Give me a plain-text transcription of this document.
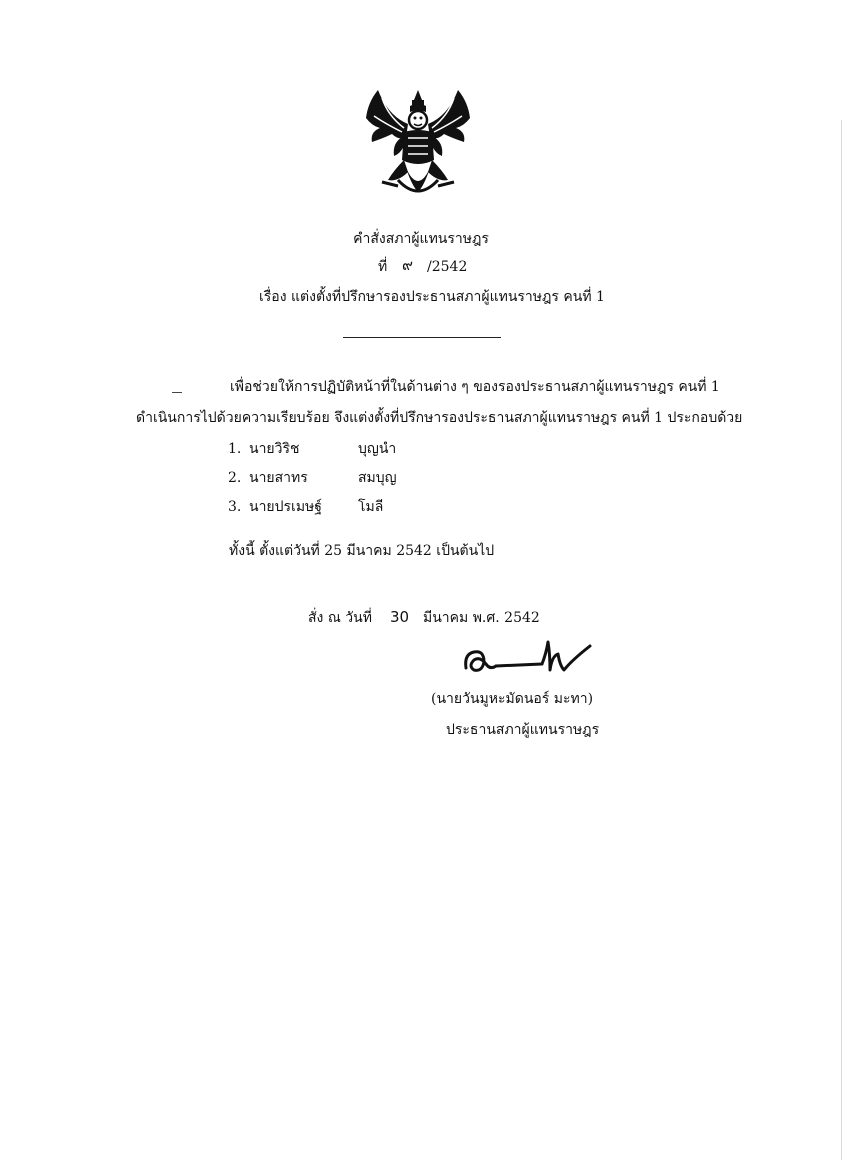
คำสั่งสภาผู้แทนราษฎร
ที่ ๙ /2542
เรื่อง แต่งตั้งที่ปรึกษารองประธานสภาผู้แทนราษฎร คนที่ 1
เพื่อช่วยให้การปฏิบัติหน้าที่ในด้านต่าง ๆ ของรองประธานสภาผู้แทนราษฎร คนที่ 1
ดำเนินการไปด้วยความเรียบร้อย จึงแต่งตั้งที่ปรึกษารองประธานสภาผู้แทนราษฎร คนที่ 1 ประกอบด้วย
1. นายวิริช	บุญนำ
2. นายสาทร	สมบุญ
3. นายปรเมษฐ์	โมลี
ทั้งนี้ ตั้งแต่วันที่ 25 มีนาคม 2542 เป็นต้นไป
สั่ง ณ วันที่ 30 มีนาคม พ.ศ. 2542
(นายวันมูหะมัดนอร์ มะทา)
ประธานสภาผู้แทนราษฎร
